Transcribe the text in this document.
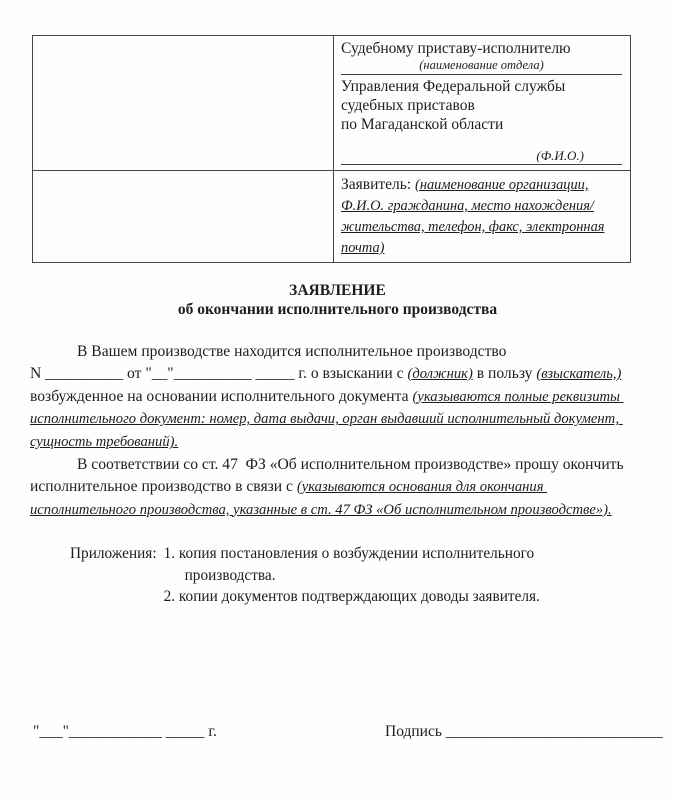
Судебному приставу-исполнителю
(наименование отдела)
Управления Федеральной службы
судебных приставов
по Магаданской области
(Ф.И.О.)

	Заявитель: (наименование организации, Ф.И.О. гражданина, место нахождения/жительства, телефон, факс, электронная почта)
ЗАЯВЛЕНИЕ
об окончании исполнительного производства

В Вашем производстве находится исполнительное производство
N __________ от "__"__________ _____ г. о взыскании с (должник) в пользу (взыскатель,)
возбужденное на основании исполнительного документа (указываются полные реквизиты исполнительного документ: номер, дата выдачи, орган выдавший исполнительный документ, сущность требований).

В соответствии со ст. 47  ФЗ «Об исполнительном производстве» прошу окончить исполнительное производство в связи с (указываются основания для окончания исполнительного производства, указанные в ст. 47 ФЗ «Об исполнительном производстве»).

Приложения: 1. копия постановления о возбуждении исполнительного производства.
2. копии документов подтверждающих доводы заявителя.
"___"____________ _____ г.	Подпись ____________________________
